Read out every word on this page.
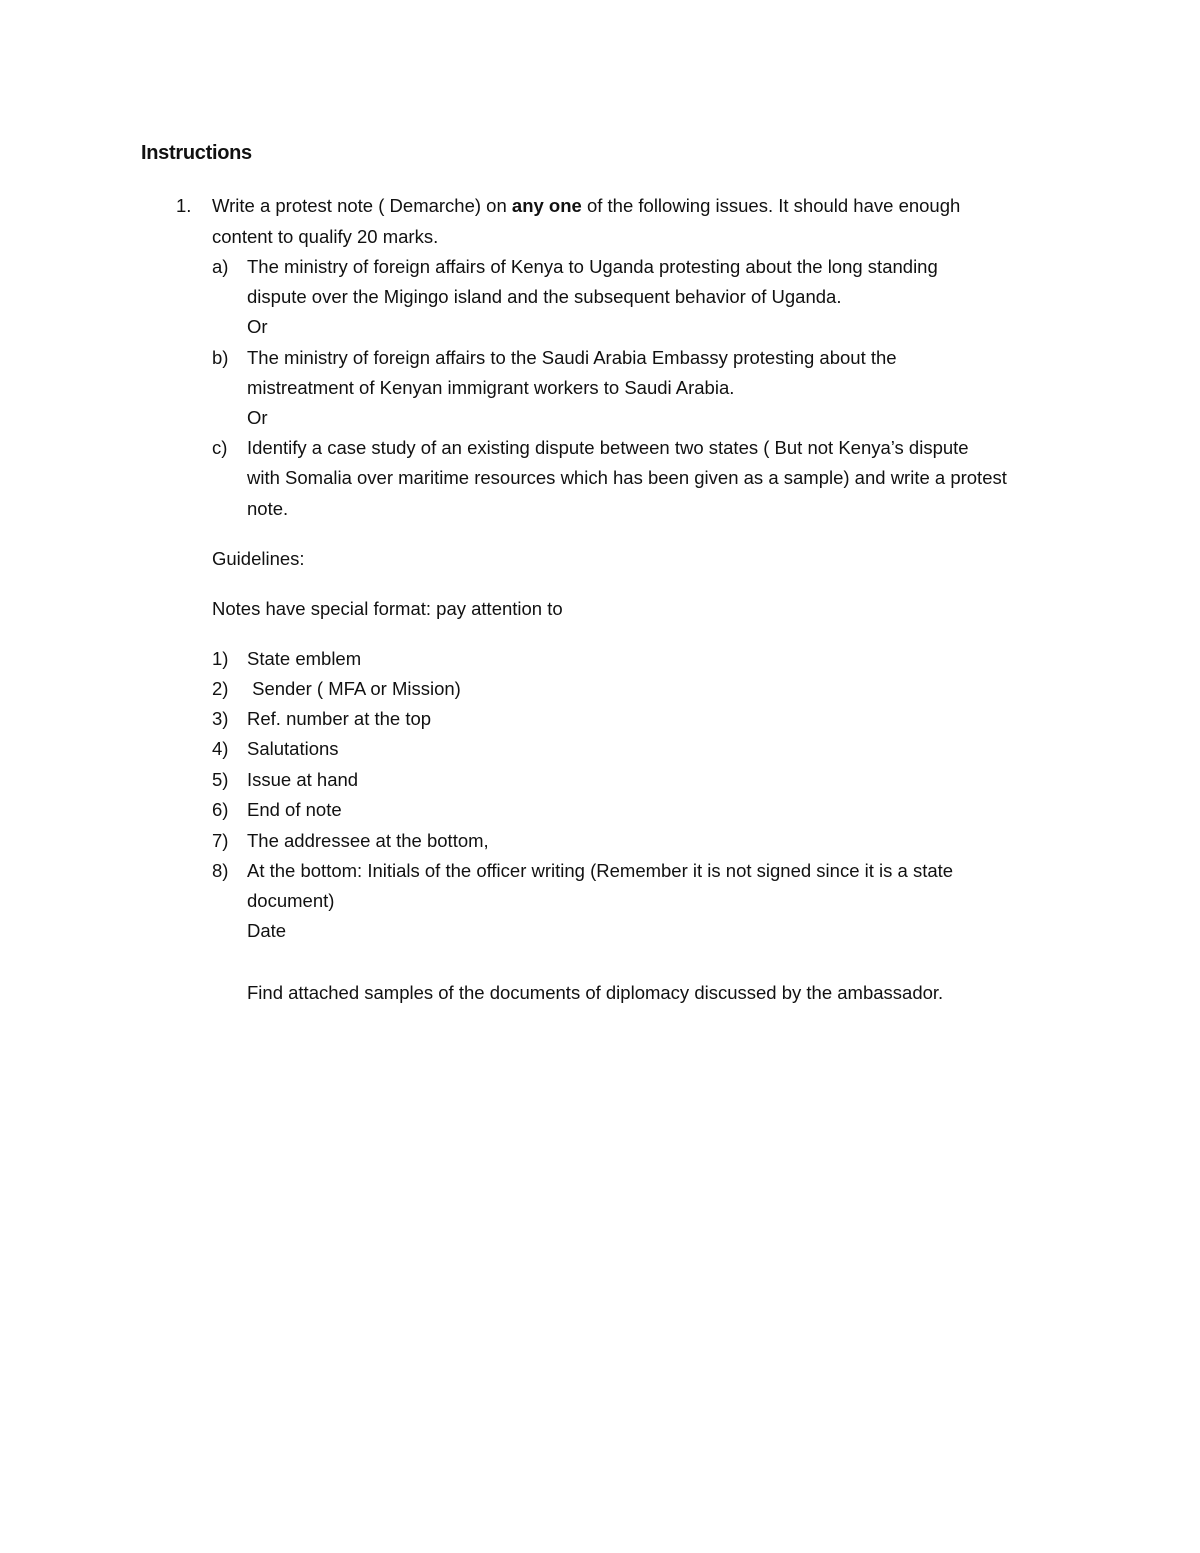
Instructions
1. Write a protest note ( Demarche) on any one of the following issues. It should have enough
content to qualify 20 marks.
a) The ministry of foreign affairs of Kenya to Uganda protesting about the long standing
dispute over the Migingo island and the subsequent behavior of Uganda.
Or
b) The ministry of foreign affairs to the Saudi Arabia Embassy protesting about the
mistreatment of Kenyan immigrant workers to Saudi Arabia.
Or
c) Identify a case study of an existing dispute between two states ( But not Kenya’s dispute
with Somalia over maritime resources which has been given as a sample) and write a protest
note.
Guidelines:
Notes have special format: pay attention to
1) State emblem
2) Sender ( MFA or Mission)
3) Ref. number at the top
4) Salutations
5) Issue at hand
6) End of note
7) The addressee at the bottom,
8) At the bottom: Initials of the officer writing (Remember it is not signed since it is a state
document)
Date
Find attached samples of the documents of diplomacy discussed by the ambassador.
